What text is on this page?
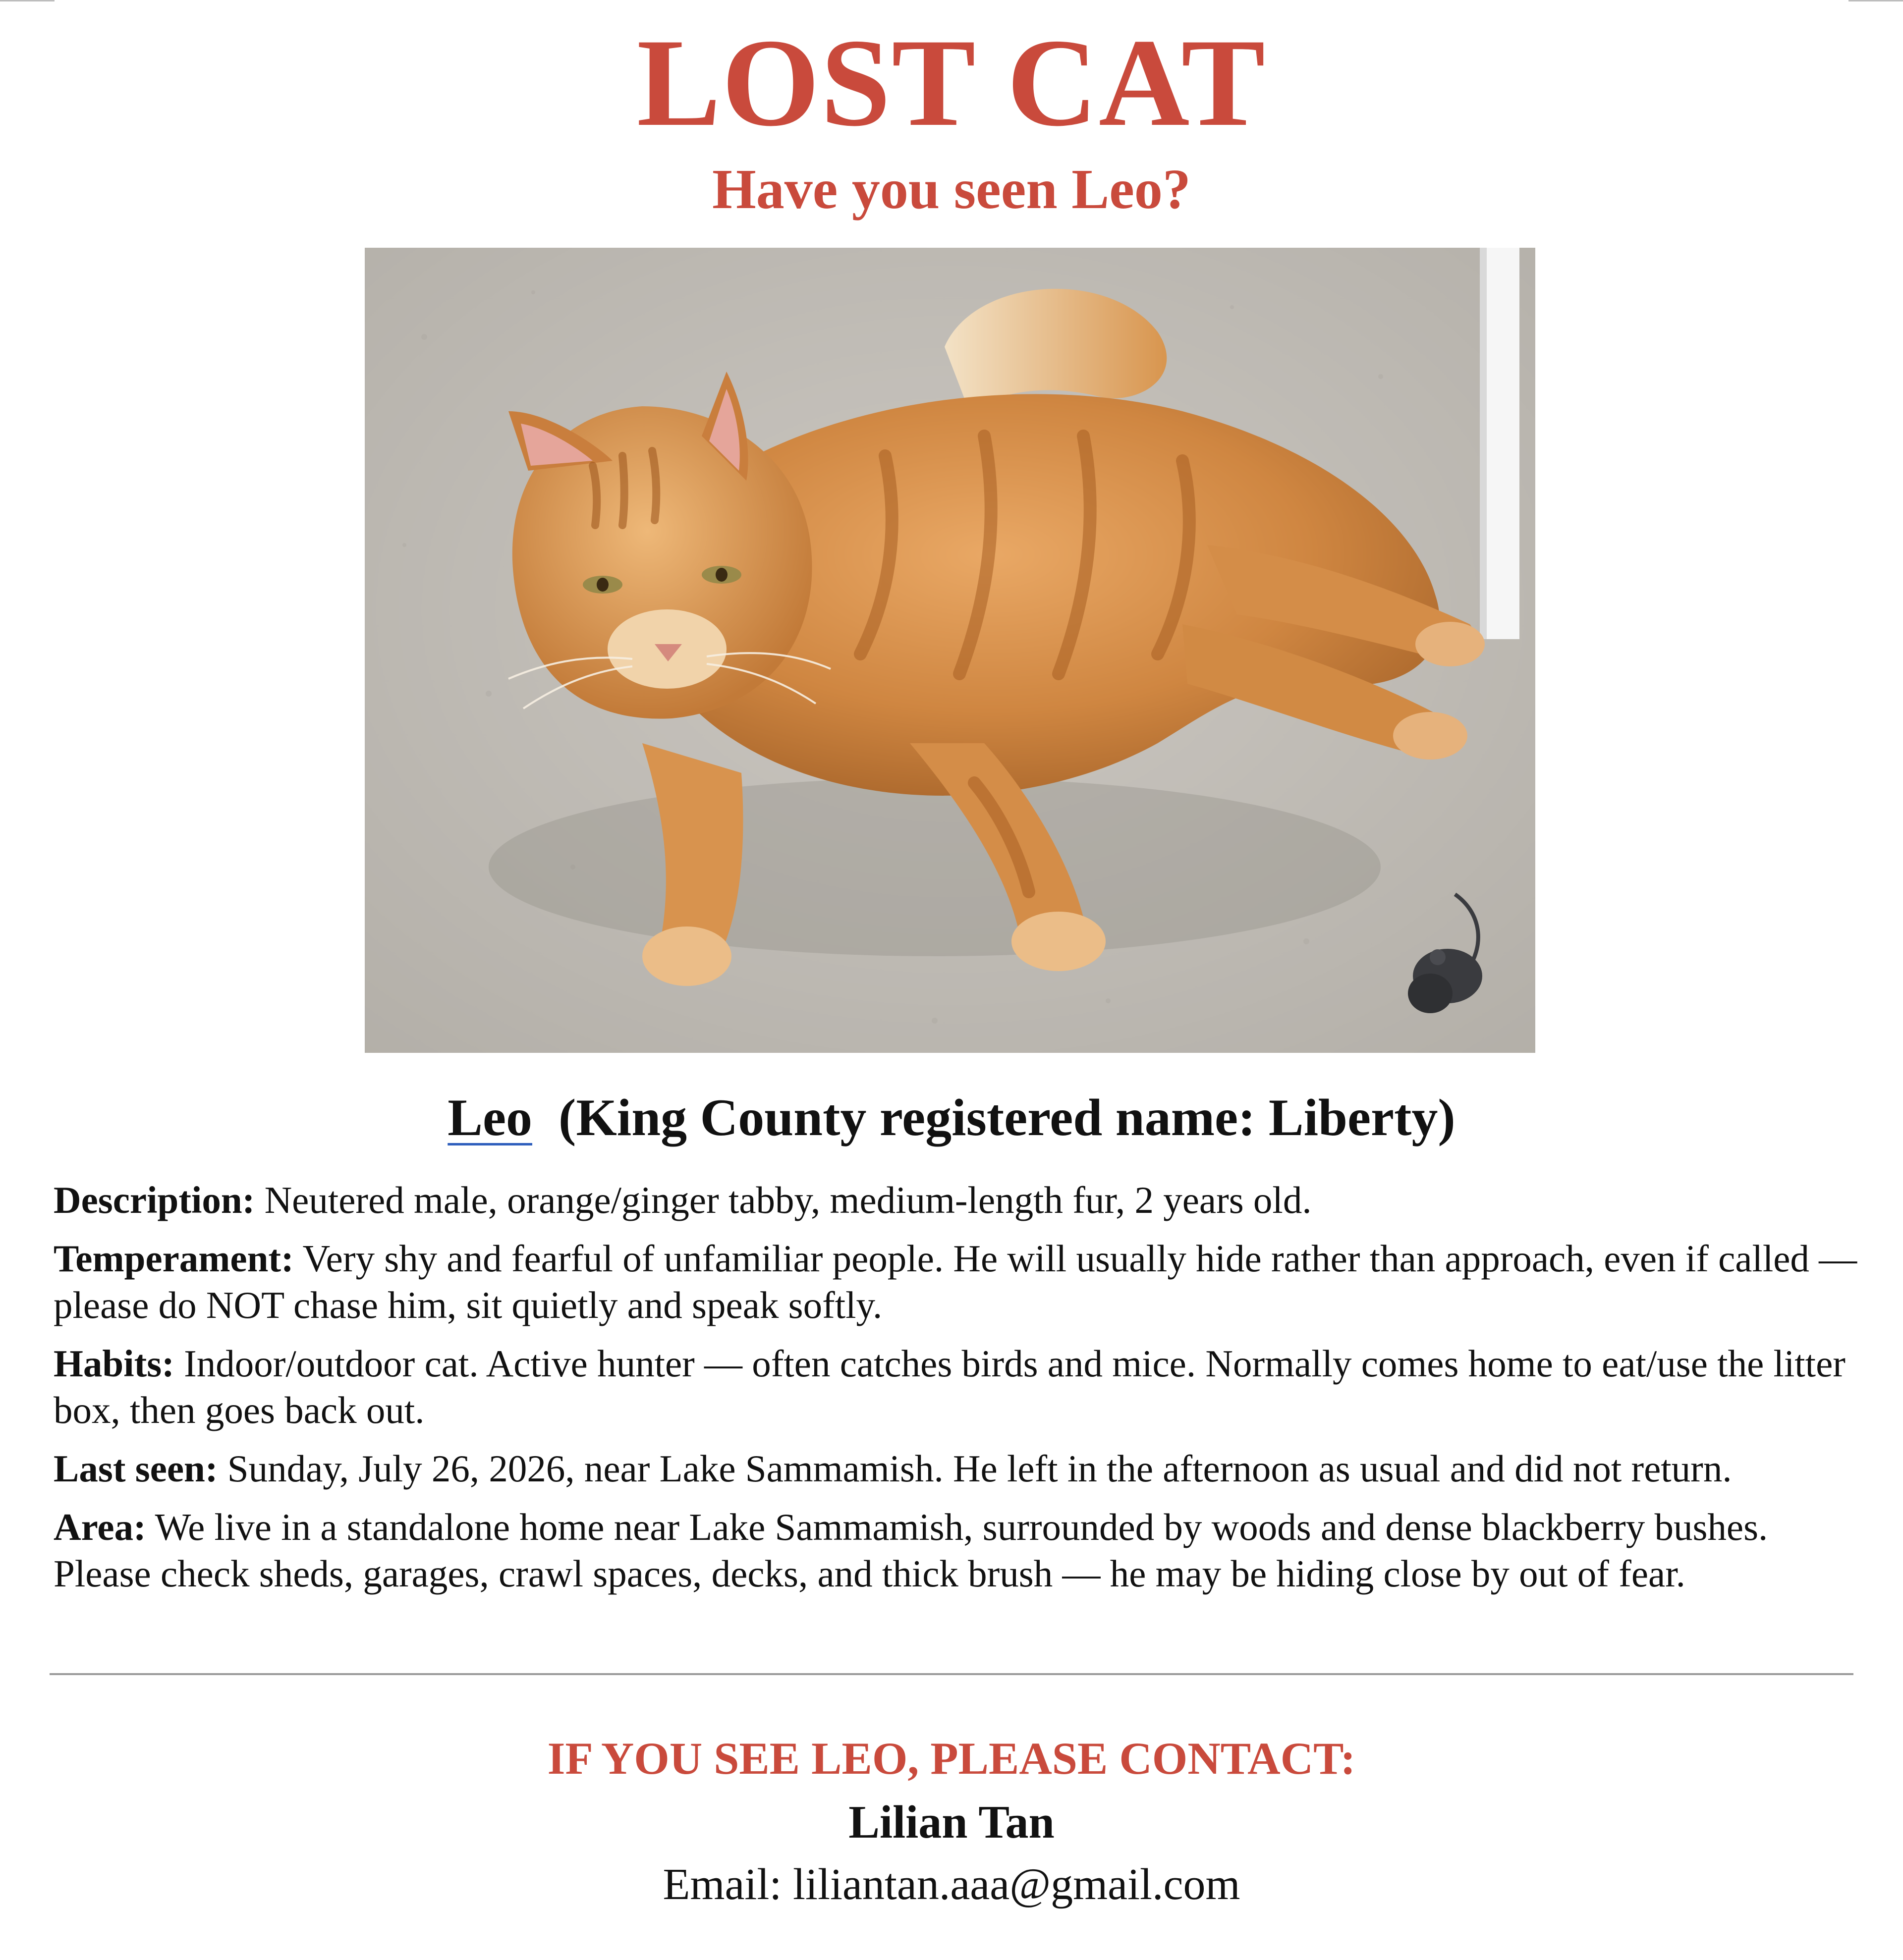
LOST CAT
Have you seen Leo?
Leo (King County registered name: Liberty)

Description: Neutered male, orange/ginger tabby, medium-length fur, 2 years old.

Temperament: Very shy and fearful of unfamiliar people. He will usually hide rather than approach, even if called — please do NOT chase him, sit quietly and speak softly.

Habits: Indoor/outdoor cat. Active hunter — often catches birds and mice. Normally comes home to eat/use the litter box, then goes back out.

Last seen: Sunday, July 26, 2026, near Lake Sammamish. He left in the afternoon as usual and did not return.

Area: We live in a standalone home near Lake Sammamish, surrounded by woods and dense blackberry bushes. Please check sheds, garages, crawl spaces, decks, and thick brush — he may be hiding close by out of fear.

IF YOU SEE LEO, PLEASE CONTACT:
Lilian Tan
Email: liliantan.aaa@gmail.com
